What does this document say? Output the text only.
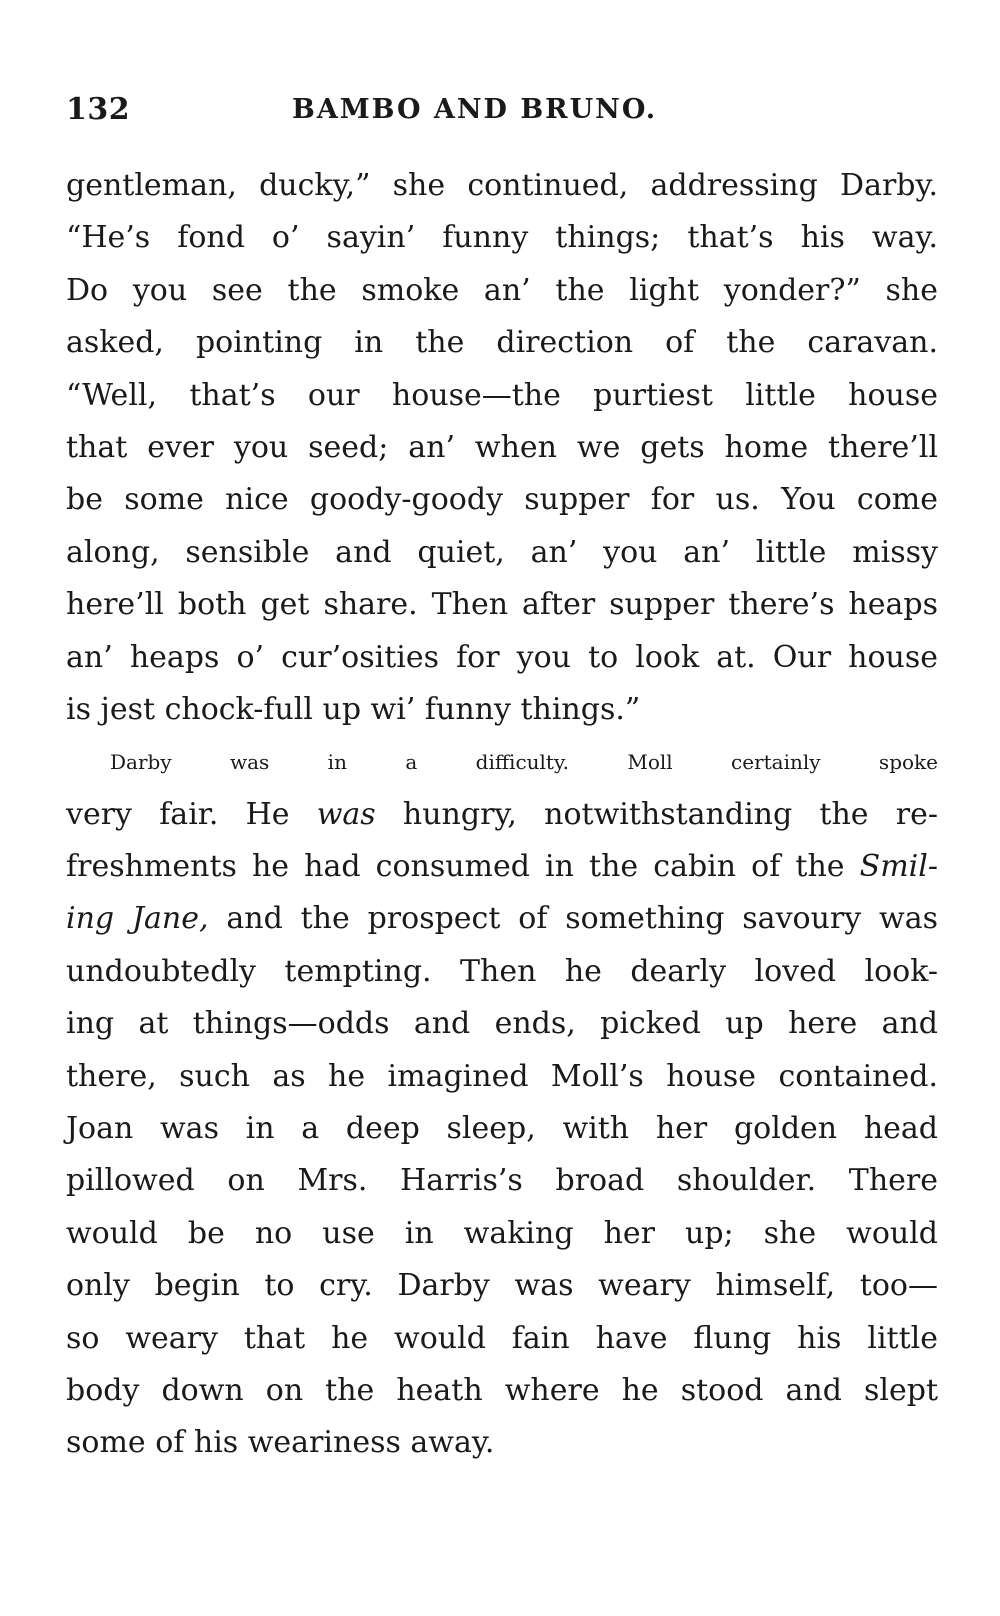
132	BAMBO AND BRUNO.
gentleman, ducky,” she continued, addressing Darby.
“He’s fond o’ sayin’ funny things; that’s his way.
Do you see the smoke an’ the light yonder?” she
asked, pointing in the direction of the caravan.
“Well, that’s our house—the purtiest little house
that ever you seed; an’ when we gets home there’ll
be some nice goody-goody supper for us. You come
along, sensible and quiet, an’ you an’ little missy
here’ll both get share. Then after supper there’s heaps
an’ heaps o’ cur’osities for you to look at. Our house
is jest chock-full up wi’ funny things.”
Darby was in a difficulty. Moll certainly spoke
very fair. He was hungry, notwithstanding the re-
freshments he had consumed in the cabin of the Smil-
ing Jane, and the prospect of something savoury was
undoubtedly tempting. Then he dearly loved look-
ing at things—odds and ends, picked up here and
there, such as he imagined Moll’s house contained.
Joan was in a deep sleep, with her golden head
pillowed on Mrs. Harris’s broad shoulder. There
would be no use in waking her up; she would
only begin to cry. Darby was weary himself, too—
so weary that he would fain have flung his little
body down on the heath where he stood and slept
some of his weariness away.
